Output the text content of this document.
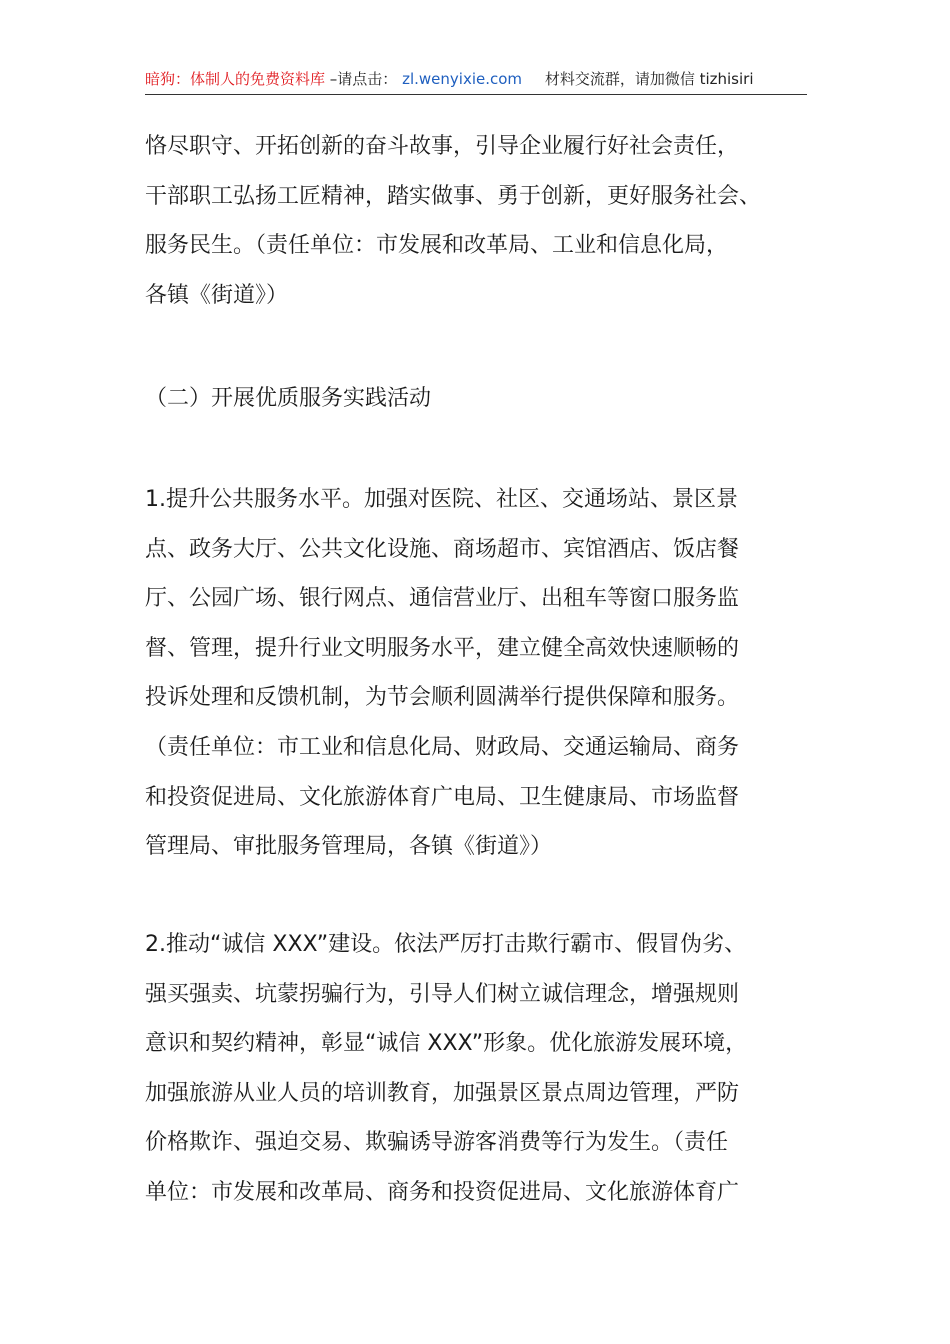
暗狗：体制人的免费资料库 –请点击： zl.wenyixie.com 材料交流群，请加微信 tizhisiri
恪尽职守、开拓创新的奋斗故事，引导企业履行好社会责任，
干部职工弘扬工匠精神，踏实做事、勇于创新，更好服务社会、
服务民生。（责任单位：市发展和改革局、工业和信息化局，
各镇《街道》）
（二）开展优质服务实践活动
1.提升公共服务水平。加强对医院、社区、交通场站、景区景
点、政务大厅、公共文化设施、商场超市、宾馆酒店、饭店餐
厅、公园广场、银行网点、通信营业厅、出租车等窗口服务监
督、管理，提升行业文明服务水平，建立健全高效快速顺畅的
投诉处理和反馈机制，为节会顺利圆满举行提供保障和服务。
（责任单位：市工业和信息化局、财政局、交通运输局、商务
和投资促进局、文化旅游体育广电局、卫生健康局、市场监督
管理局、审批服务管理局，各镇《街道》）
2.推动“诚信 XXX”建设。依法严厉打击欺行霸市、假冒伪劣、
强买强卖、坑蒙拐骗行为，引导人们树立诚信理念，增强规则
意识和契约精神，彰显“诚信 XXX”形象。优化旅游发展环境，
加强旅游从业人员的培训教育，加强景区景点周边管理，严防
价格欺诈、强迫交易、欺骗诱导游客消费等行为发生。（责任
单位：市发展和改革局、商务和投资促进局、文化旅游体育广
